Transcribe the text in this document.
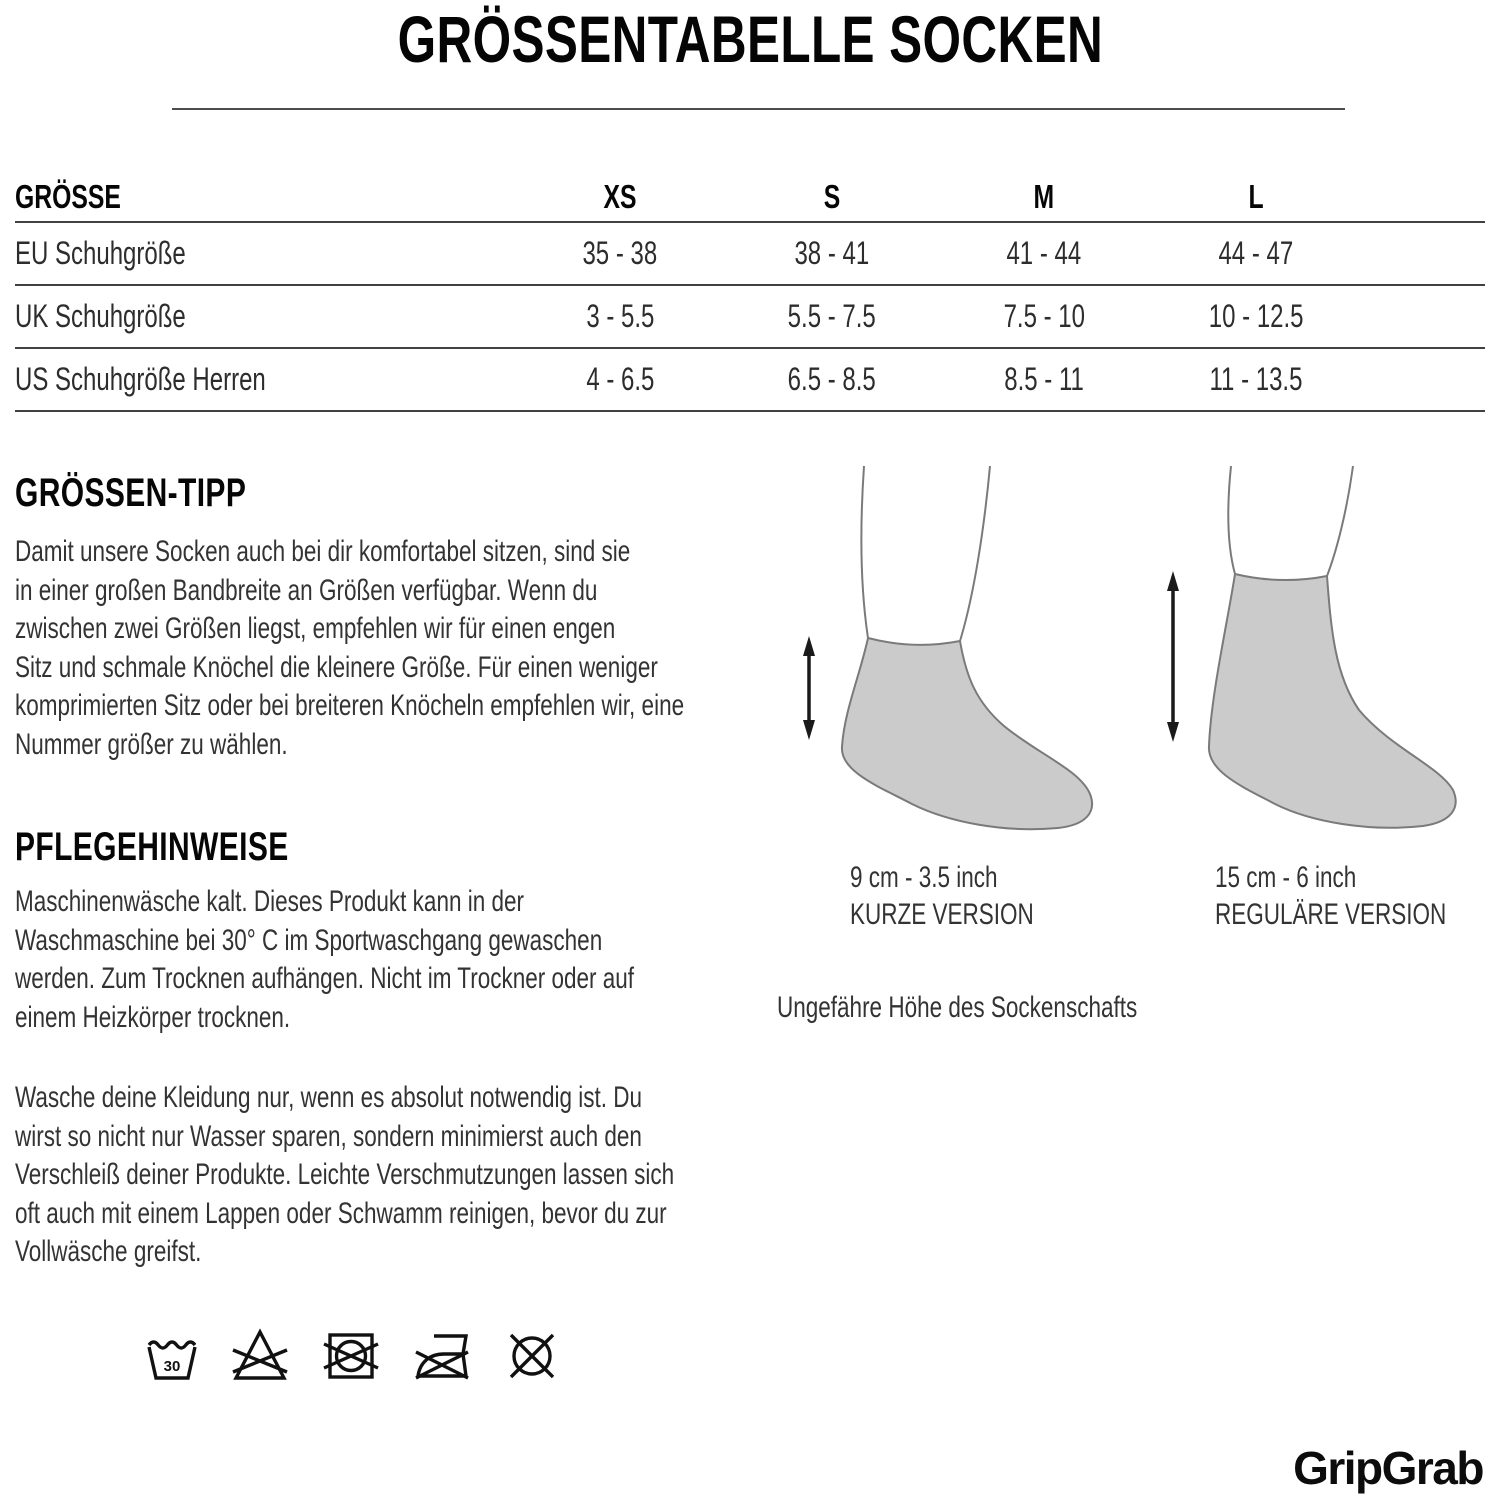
GRÖSSENTABELLE SOCKEN
GRÖSSE	XS	S	M	L	
EU Schuhgröße	35 - 38	38 - 41	41 - 44	44 - 47	
UK Schuhgröße	3 - 5.5	5.5 - 7.5	7.5 - 10	10 - 12.5	
US Schuhgröße Herren	4 - 6.5	6.5 - 8.5	8.5 - 11	11 - 13.5	
GRÖSSEN-TIPP

Damit unsere Socken auch bei dir komfortabel sitzen, sind sie
in einer großen Bandbreite an Größen verfügbar. Wenn du
zwischen zwei Größen liegst, empfehlen wir für einen engen
Sitz und schmale Knöchel die kleinere Größe. Für einen weniger
komprimierten Sitz oder bei breiteren Knöcheln empfehlen wir, eine
Nummer größer zu wählen.

PFLEGEHINWEISE

Maschinenwäsche kalt. Dieses Produkt kann in der
Waschmaschine bei 30° C im Sportwaschgang gewaschen
werden. Zum Trocknen aufhängen. Nicht im Trockner oder auf
einem Heizkörper trocknen.

Wasche deine Kleidung nur, wenn es absolut notwendig ist. Du
wirst so nicht nur Wasser sparen, sondern minimierst auch den
Verschleiß deiner Produkte. Leichte Verschmutzungen lassen sich
oft auch mit einem Lappen oder Schwamm reinigen, bevor du zur
Vollwäsche greifst.

30
9 cm - 3.5 inch
KURZE VERSION
15 cm - 6 inch
REGULÄRE VERSION
Ungefähre Höhe des Sockenschafts

GripGrab
